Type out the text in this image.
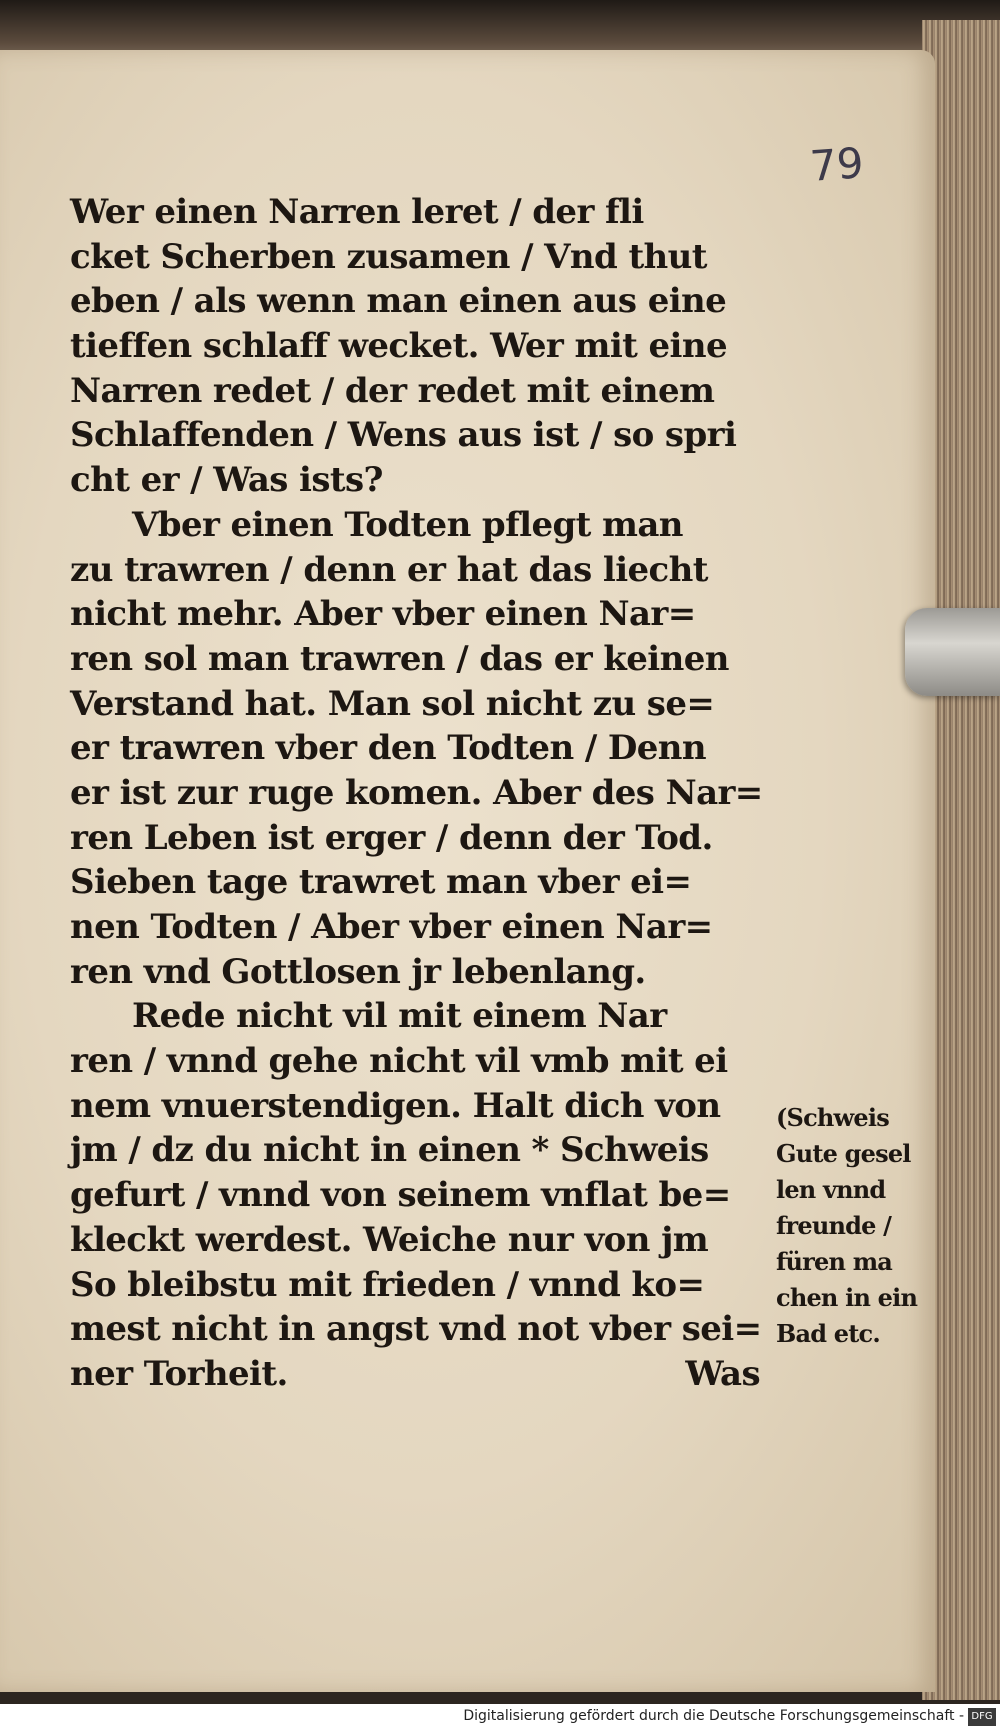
79
Wer einen Narren leret / der fli
cket Scherben zusamen / Vnd thut
eben / als wenn man einen aus eine
tieffen schlaff wecket. Wer mit eine
Narren redet / der redet mit einem
Schlaffenden / Wens aus ist / so spri
cht er / Was ists?
Vber einen Todten pflegt man
zu trawren / denn er hat das liecht
nicht mehr. Aber vber einen Nar=
ren sol man trawren / das er keinen
Verstand hat. Man sol nicht zu se=
er trawren vber den Todten / Denn
er ist zur ruge komen. Aber des Nar=
ren Leben ist erger / denn der Tod.
Sieben tage trawret man vber ei=
nen Todten / Aber vber einen Nar=
ren vnd Gottlosen jr lebenlang.
Rede nicht vil mit einem Nar
ren / vnnd gehe nicht vil vmb mit ei
nem vnuerstendigen. Halt dich von
jm / dz du nicht in einen * Schweis
gefurt / vnnd von seinem vnflat be=
kleckt werdest. Weiche nur von jm
So bleibstu mit frieden / vnnd ko=
mest nicht in angst vnd not vber sei=
ner Torheit.	Was
(Schweis
Gute gesel
len vnnd
freunde /
füren ma
chen in ein
Bad etc.
Digitalisierung gefördert durch die Deutsche Forschungsgemeinschaft - DFG
